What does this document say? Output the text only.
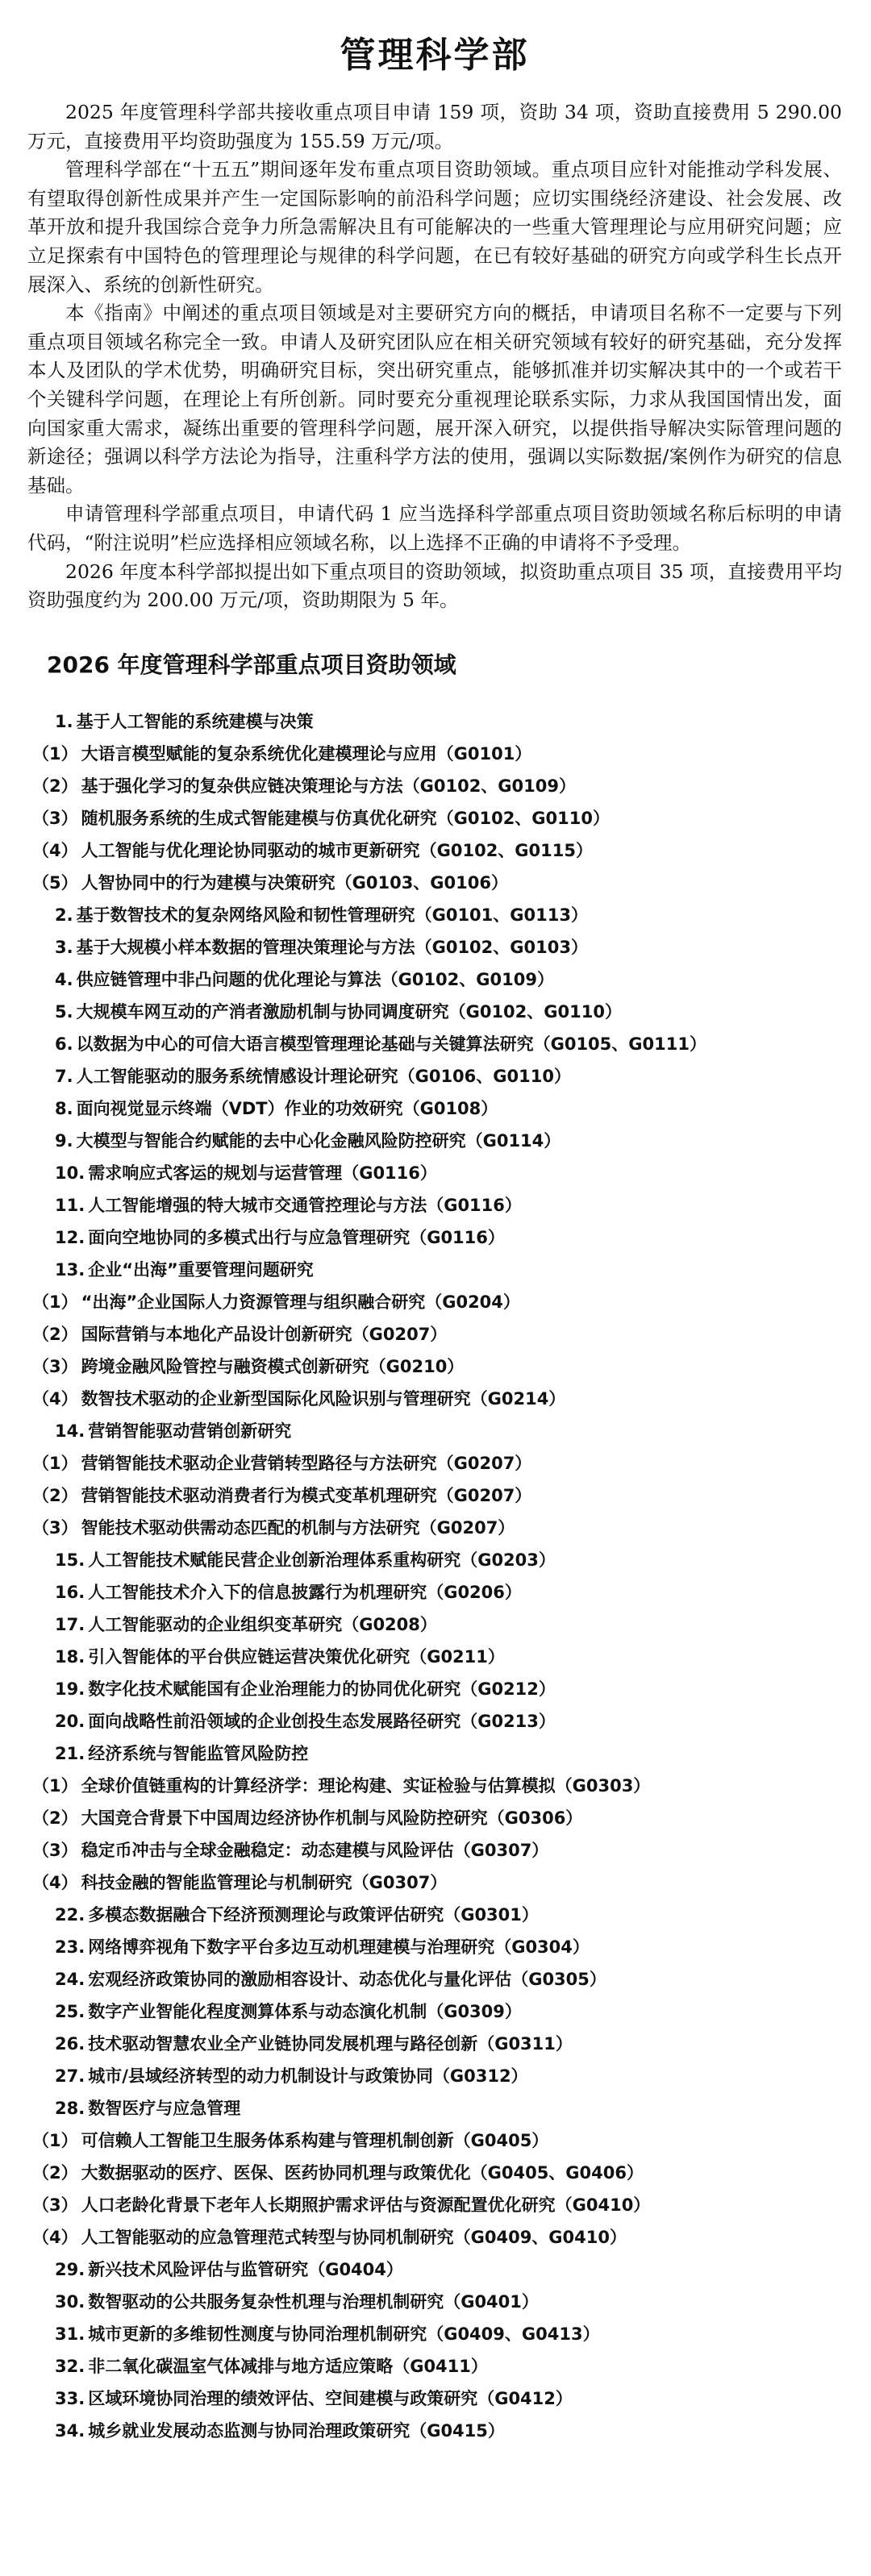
管理科学部

2025 年度管理科学部共接收重点项目申请 159 项，资助 34 项，资助直接费用 5 290.00 万元，直接费用平均资助强度为 155.59 万元/项。

管理科学部在“十五五”期间逐年发布重点项目资助领域。重点项目应针对能推动学科发展、有望取得创新性成果并产生一定国际影响的前沿科学问题；应切实围绕经济建设、社会发展、改革开放和提升我国综合竞争力所急需解决且有可能解决的一些重大管理理论与应用研究问题；应立足探索有中国特色的管理理论与规律的科学问题，在已有较好基础的研究方向或学科生长点开展深入、系统的创新性研究。

本《指南》中阐述的重点项目领域是对主要研究方向的概括，申请项目名称不一定要与下列重点项目领域名称完全一致。申请人及研究团队应在相关研究领域有较好的研究基础，充分发挥本人及团队的学术优势，明确研究目标，突出研究重点，能够抓准并切实解决其中的一个或若干个关键科学问题，在理论上有所创新。同时要充分重视理论联系实际，力求从我国国情出发，面向国家重大需求，凝练出重要的管理科学问题，展开深入研究，以提供指导解决实际管理问题的新途径；强调以科学方法论为指导，注重科学方法的使用，强调以实际数据/案例作为研究的信息基础。

申请管理科学部重点项目，申请代码 1 应当选择科学部重点项目资助领域名称后标明的申请代码，“附注说明”栏应选择相应领域名称，以上选择不正确的申请将不予受理。

2026 年度本科学部拟提出如下重点项目的资助领域，拟资助重点项目 35 项，直接费用平均资助强度约为 200.00 万元/项，资助期限为 5 年。

2026 年度管理科学部重点项目资助领域
1. 基于人工智能的系统建模与决策
（1） 大语言模型赋能的复杂系统优化建模理论与应用（G0101）
（2） 基于强化学习的复杂供应链决策理论与方法（G0102、G0109）
（3） 随机服务系统的生成式智能建模与仿真优化研究（G0102、G0110）
（4） 人工智能与优化理论协同驱动的城市更新研究（G0102、G0115）
（5） 人智协同中的行为建模与决策研究（G0103、G0106）
2. 基于数智技术的复杂网络风险和韧性管理研究（G0101、G0113）
3. 基于大规模小样本数据的管理决策理论与方法（G0102、G0103）
4. 供应链管理中非凸问题的优化理论与算法（G0102、G0109）
5. 大规模车网互动的产消者激励机制与协同调度研究（G0102、G0110）
6. 以数据为中心的可信大语言模型管理理论基础与关键算法研究（G0105、G0111）
7. 人工智能驱动的服务系统情感设计理论研究（G0106、G0110）
8. 面向视觉显示终端（VDT）作业的功效研究（G0108）
9. 大模型与智能合约赋能的去中心化金融风险防控研究（G0114）
10. 需求响应式客运的规划与运营管理（G0116）
11. 人工智能增强的特大城市交通管控理论与方法（G0116）
12. 面向空地协同的多模式出行与应急管理研究（G0116）
13. 企业“出海”重要管理问题研究
（1） “出海”企业国际人力资源管理与组织融合研究（G0204）
（2） 国际营销与本地化产品设计创新研究（G0207）
（3） 跨境金融风险管控与融资模式创新研究（G0210）
（4） 数智技术驱动的企业新型国际化风险识别与管理研究（G0214）
14. 营销智能驱动营销创新研究
（1） 营销智能技术驱动企业营销转型路径与方法研究（G0207）
（2） 营销智能技术驱动消费者行为模式变革机理研究（G0207）
（3） 智能技术驱动供需动态匹配的机制与方法研究（G0207）
15. 人工智能技术赋能民营企业创新治理体系重构研究（G0203）
16. 人工智能技术介入下的信息披露行为机理研究（G0206）
17. 人工智能驱动的企业组织变革研究（G0208）
18. 引入智能体的平台供应链运营决策优化研究（G0211）
19. 数字化技术赋能国有企业治理能力的协同优化研究（G0212）
20. 面向战略性前沿领域的企业创投生态发展路径研究（G0213）
21. 经济系统与智能监管风险防控
（1） 全球价值链重构的计算经济学：理论构建、实证检验与估算模拟（G0303）
（2） 大国竞合背景下中国周边经济协作机制与风险防控研究（G0306）
（3） 稳定币冲击与全球金融稳定：动态建模与风险评估（G0307）
（4） 科技金融的智能监管理论与机制研究（G0307）
22. 多模态数据融合下经济预测理论与政策评估研究（G0301）
23. 网络博弈视角下数字平台多边互动机理建模与治理研究（G0304）
24. 宏观经济政策协同的激励相容设计、动态优化与量化评估（G0305）
25. 数字产业智能化程度测算体系与动态演化机制（G0309）
26. 技术驱动智慧农业全产业链协同发展机理与路径创新（G0311）
27. 城市/县域经济转型的动力机制设计与政策协同（G0312）
28. 数智医疗与应急管理
（1） 可信赖人工智能卫生服务体系构建与管理机制创新（G0405）
（2） 大数据驱动的医疗、医保、医药协同机理与政策优化（G0405、G0406）
（3） 人口老龄化背景下老年人长期照护需求评估与资源配置优化研究（G0410）
（4） 人工智能驱动的应急管理范式转型与协同机制研究（G0409、G0410）
29. 新兴技术风险评估与监管研究（G0404）
30. 数智驱动的公共服务复杂性机理与治理机制研究（G0401）
31. 城市更新的多维韧性测度与协同治理机制研究（G0409、G0413）
32. 非二氧化碳温室气体减排与地方适应策略（G0411）
33. 区域环境协同治理的绩效评估、空间建模与政策研究（G0412）
34. 城乡就业发展动态监测与协同治理政策研究（G0415）
